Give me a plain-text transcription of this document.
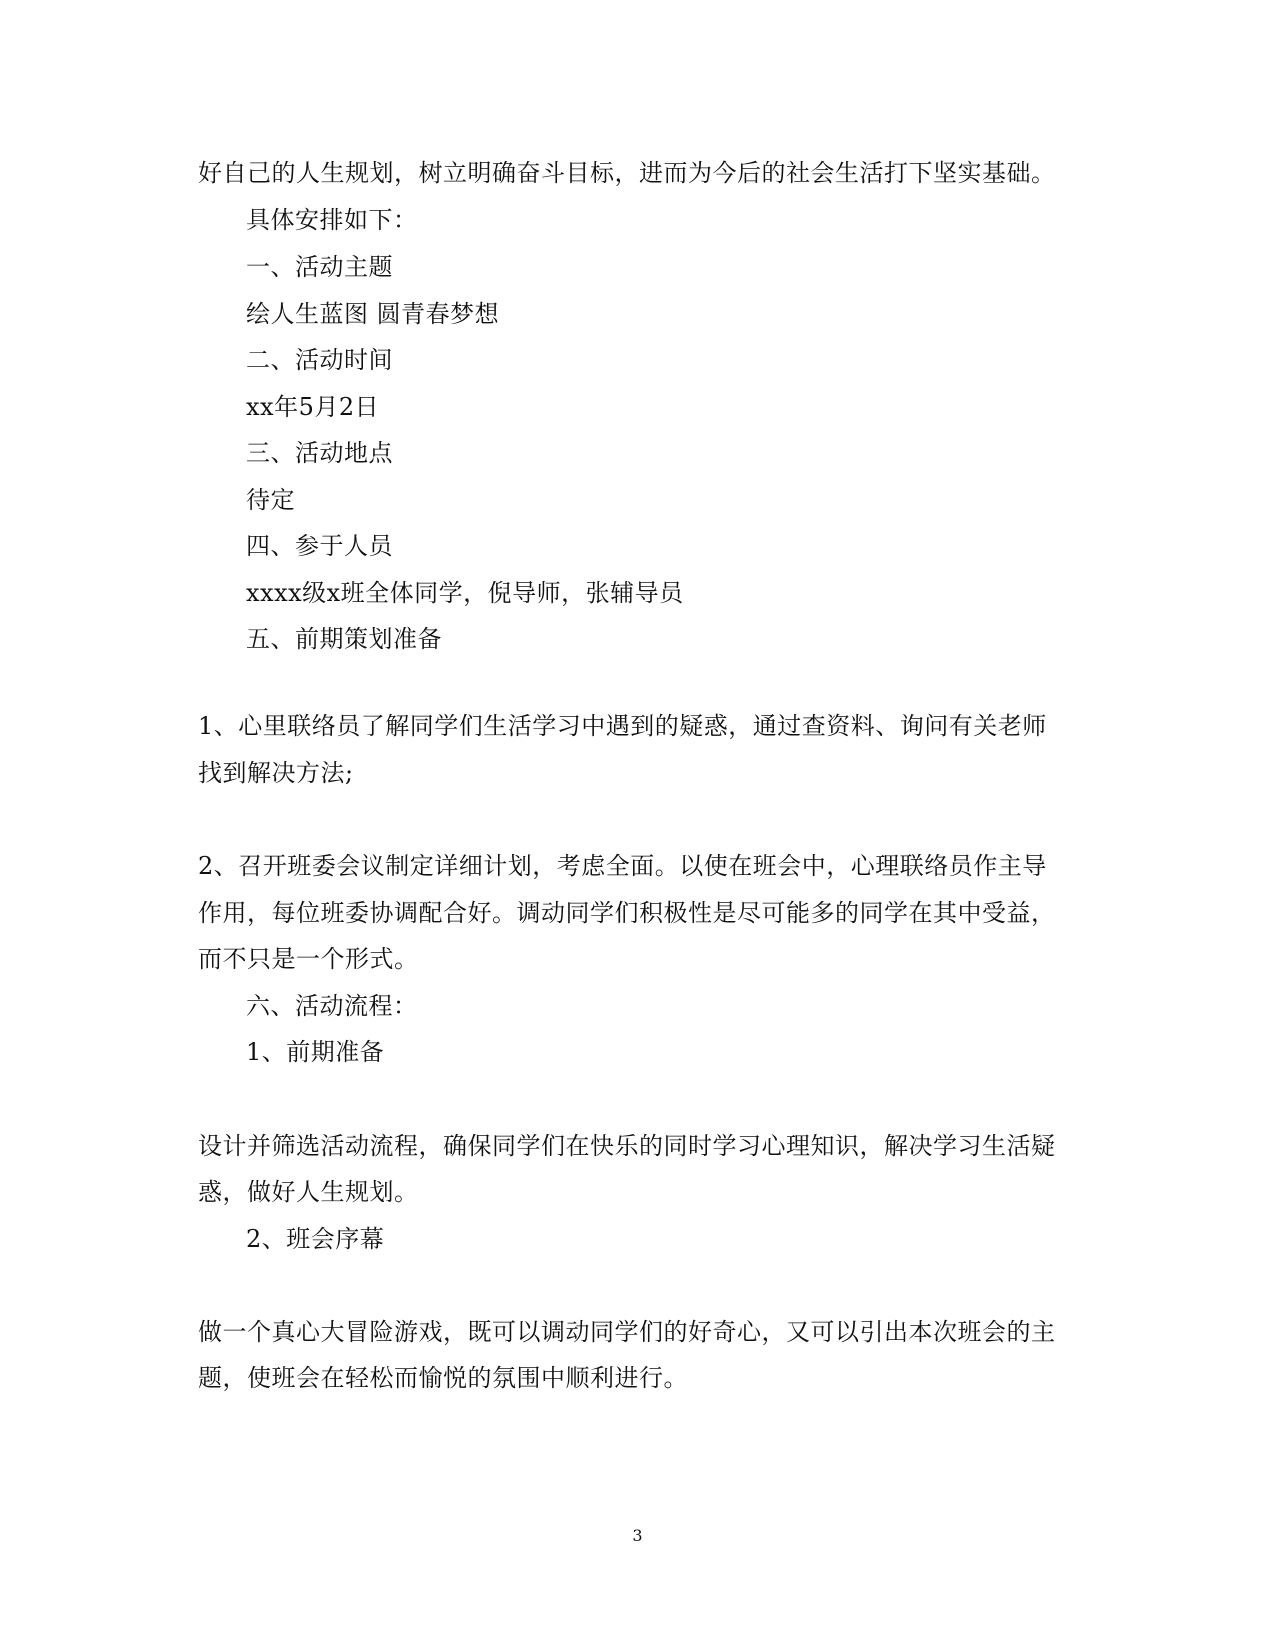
好自己的人生规划，树立明确奋斗目标，进而为今后的社会生活打下坚实基础。
具体安排如下：
一、活动主题
绘人生蓝图 圆青春梦想
二、活动时间
xx年5月2日
三、活动地点
待定
四、参于人员
xxxx级x班全体同学，倪导师，张辅导员
五、前期策划准备
1、心里联络员了解同学们生活学习中遇到的疑惑，通过查资料、询问有关老师
找到解决方法;
2、召开班委会议制定详细计划，考虑全面。以使在班会中，心理联络员作主导
作用，每位班委协调配合好。调动同学们积极性是尽可能多的同学在其中受益，
而不只是一个形式。
六、活动流程：
1、前期准备
设计并筛选活动流程，确保同学们在快乐的同时学习心理知识，解决学习生活疑
惑，做好人生规划。
2、班会序幕
做一个真心大冒险游戏，既可以调动同学们的好奇心，又可以引出本次班会的主
题，使班会在轻松而愉悦的氛围中顺利进行。
3
